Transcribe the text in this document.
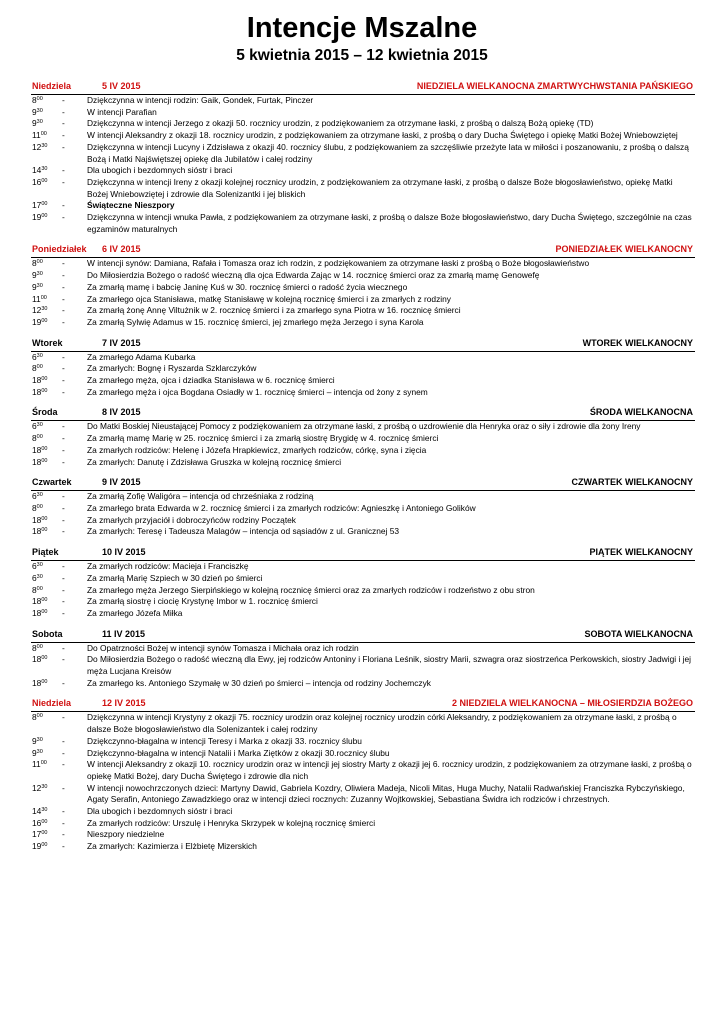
Intencje Mszalne
5 kwietnia 2015 – 12 kwietnia 2015
Niedziela	5 IV 2015	NIEDZIELA WIELKANOCNA ZMARTWYCHWSTANIA PAŃSKIEGO
$8^{00}$	-	Dziękczynna w intencji rodzin: Gaik, Gondek, Furtak, Pinczer
$9^{30}$	-	W intencji Parafian
$9^{30}$	-	Dziękczynna w intencji Jerzego z okazji 50. rocznicy urodzin, z podziękowaniem za otrzymane łaski, z prośbą o dalszą Bożą opiekę (TD)
$11^{00}$	-	W intencji Aleksandry z okazji 18. rocznicy urodzin, z podziękowaniem za otrzymane łaski, z prośbą o dary Ducha Świętego i opiekę Matki Bożej Wniebowziętej
$12^{30}$	-	Dziękczynna w intencji Lucyny i Zdzisława z okazji 40. rocznicy ślubu, z podziękowaniem za szczęśliwie przeżyte lata w miłości i poszanowaniu, z prośbą o dalszą Bożą i Matki Najświętszej opiekę dla Jubilatów i całej rodziny
$14^{30}$	-	Dla ubogich i bezdomnych sióstr i braci
$16^{00}$	-	Dziękczynna w intencji Ireny z okazji kolejnej rocznicy urodzin, z podziękowaniem za otrzymane łaski, z prośbą o dalsze Boże błogosławieństwo, opiekę Matki Bożej Wniebowziętej i zdrowie dla Solenizantki i jej bliskich
$17^{00}$	-	Świąteczne Nieszpory
$19^{00}$	-	Dziękczynna w intencji wnuka Pawła, z podziękowaniem za otrzymane łaski, z prośbą o dalsze Boże błogosławieństwo, dary Ducha Świętego, szczególnie na czas egzaminów maturalnych
Poniedziałek	6 IV 2015	PONIEDZIAŁEK WIELKANOCNY
$8^{00}$	-	W intencji synów: Damiana, Rafała i Tomasza oraz ich rodzin, z podziękowaniem za otrzymane łaski z prośbą o Boże błogosławieństwo
$9^{30}$	-	Do Miłosierdzia Bożego o radość wieczną dla ojca Edwarda Zając w 14. rocznicę śmierci oraz za zmarłą mamę Genowefę
$9^{30}$	-	Za zmarłą mamę i babcię Janinę Kuś w 30. rocznicę śmierci o radość życia wiecznego
$11^{00}$	-	Za zmarłego ojca Stanisława, matkę Stanisławę w kolejną rocznicę śmierci i za zmarłych z rodziny
$12^{30}$	-	Za zmarłą żonę Annę Viltużnik w 2. rocznicę śmierci i za zmarłego syna Piotra w 16. rocznicę śmierci
$19^{00}$	-	Za zmarłą Sylwię Adamus w 15. rocznicę śmierci, jej zmarłego męża Jerzego i syna Karola
Wtorek	7 IV 2015	WTOREK WIELKANOCNY
$6^{30}$	-	Za zmarłego Adama Kubarka
$8^{00}$	-	Za zmarłych: Bognę i Ryszarda Szklarczyków
$18^{00}$	-	Za zmarłego męża, ojca i dziadka Stanisława w 6. rocznicę śmierci
$18^{00}$	-	Za zmarłego męża i ojca Bogdana Osiadły w 1. rocznicę śmierci – intencja od żony z synem
Środa	8 IV 2015	ŚRODA WIELKANOCNA
$6^{30}$	-	Do Matki Boskiej Nieustającej Pomocy z podziękowaniem za otrzymane łaski, z prośbą o uzdrowienie dla Henryka oraz o siły i zdrowie dla żony Ireny
$8^{00}$	-	Za zmarłą mamę Marię w 25. rocznicę śmierci i za zmarłą siostrę Brygidę w 4. rocznicę śmierci
$18^{00}$	-	Za zmarłych rodziców: Helenę i Józefa Hrapkiewicz, zmarłych rodziców, córkę, syna i zięcia
$18^{00}$	-	Za zmarłych: Danutę i Zdzisława Gruszka w kolejną rocznicę śmierci
Czwartek	9 IV 2015	CZWARTEK WIELKANOCNY
$6^{30}$	-	Za zmarłą Zofię Waligóra – intencja od chrześniaka z rodziną
$8^{00}$	-	Za zmarłego brata Edwarda w 2. rocznicę śmierci i za zmarłych rodziców: Agnieszkę i Antoniego Golików
$18^{00}$	-	Za zmarłych przyjaciół i dobroczyńców rodziny Początek
$18^{00}$	-	Za zmarłych: Teresę i Tadeusza Malagów – intencja od sąsiadów z ul. Granicznej 53
Piątek	10 IV 2015	PIĄTEK WIELKANOCNY
$6^{30}$	-	Za zmarłych rodziców: Macieja i Franciszkę
$6^{30}$	-	Za zmarłą Marię Szpiech w 30 dzień po śmierci
$8^{00}$	-	Za zmarłego męża Jerzego Sierpińskiego w kolejną rocznicę śmierci oraz za zmarłych rodziców i rodzeństwo z obu stron
$18^{00}$	-	Za zmarłą siostrę i ciocię Krystynę Imbor w 1. rocznicę śmierci
$18^{00}$	-	Za zmarłego Józefa Miłka
Sobota	11 IV 2015	SOBOTA WIELKANOCNA
$8^{00}$	-	Do Opatrzności Bożej w intencji synów Tomasza i Michała oraz ich rodzin
$18^{00}$	-	Do Miłosierdzia Bożego o radość wieczną dla Ewy, jej rodziców Antoniny i Floriana Leśnik, siostry Marii, szwagra oraz siostrzeńca Perkowskich, siostry Jadwigi i jej męża Lucjana Kreisów
$18^{00}$	-	Za zmarłego ks. Antoniego Szymałę w 30 dzień po śmierci – intencja od rodziny Jochemczyk
Niedziela	12 IV 2015	2 NIEDZIELA WIELKANOCNA – MIŁOSIERDZIA BOŻEGO
$8^{00}$	-	Dziękczynna w intencji Krystyny z okazji 75. rocznicy urodzin oraz kolejnej rocznicy urodzin córki Aleksandry, z podziękowaniem za otrzymane łaski, z prośbą o dalsze Boże błogosławieństwo dla Solenizantek i całej rodziny
$9^{30}$	-	Dziękczynno-błagalna w intencji Teresy i Marka z okazji 33. rocznicy ślubu
$9^{30}$	-	Dziękczynno-błagalna w intencji Natalii i Marka Ziętków z okazji 30.rocznicy ślubu
$11^{00}$	-	W intencji Aleksandry z okazji 10. rocznicy urodzin oraz w intencji jej siostry Marty z okazji jej 6. rocznicy urodzin, z podziękowaniem za otrzymane łaski, z prośbą o opiekę Matki Bożej, dary Ducha Świętego i zdrowie dla nich
$12^{30}$	-	W intencji nowochrzczonych dzieci: Martyny Dawid, Gabriela Kozdry, Oliwiera Madeja, Nicoli Mitas, Huga Muchy, Natalii Radwańskiej Franciszka Rybczyńskiego, Agaty Serafin, Antoniego Zawadzkiego oraz w intencji dzieci rocznych: Zuzanny Wojtkowskiej, Sebastiana Świdra ich rodziców i chrzestnych.
$14^{30}$	-	Dla ubogich i bezdomnych sióstr i braci
$16^{00}$	-	Za zmarłych rodziców: Urszulę i Henryka Skrzypek w kolejną rocznicę śmierci
$17^{00}$	-	Nieszpory niedzielne
$19^{00}$	-	Za zmarłych: Kazimierza i Elżbietę Mizerskich
